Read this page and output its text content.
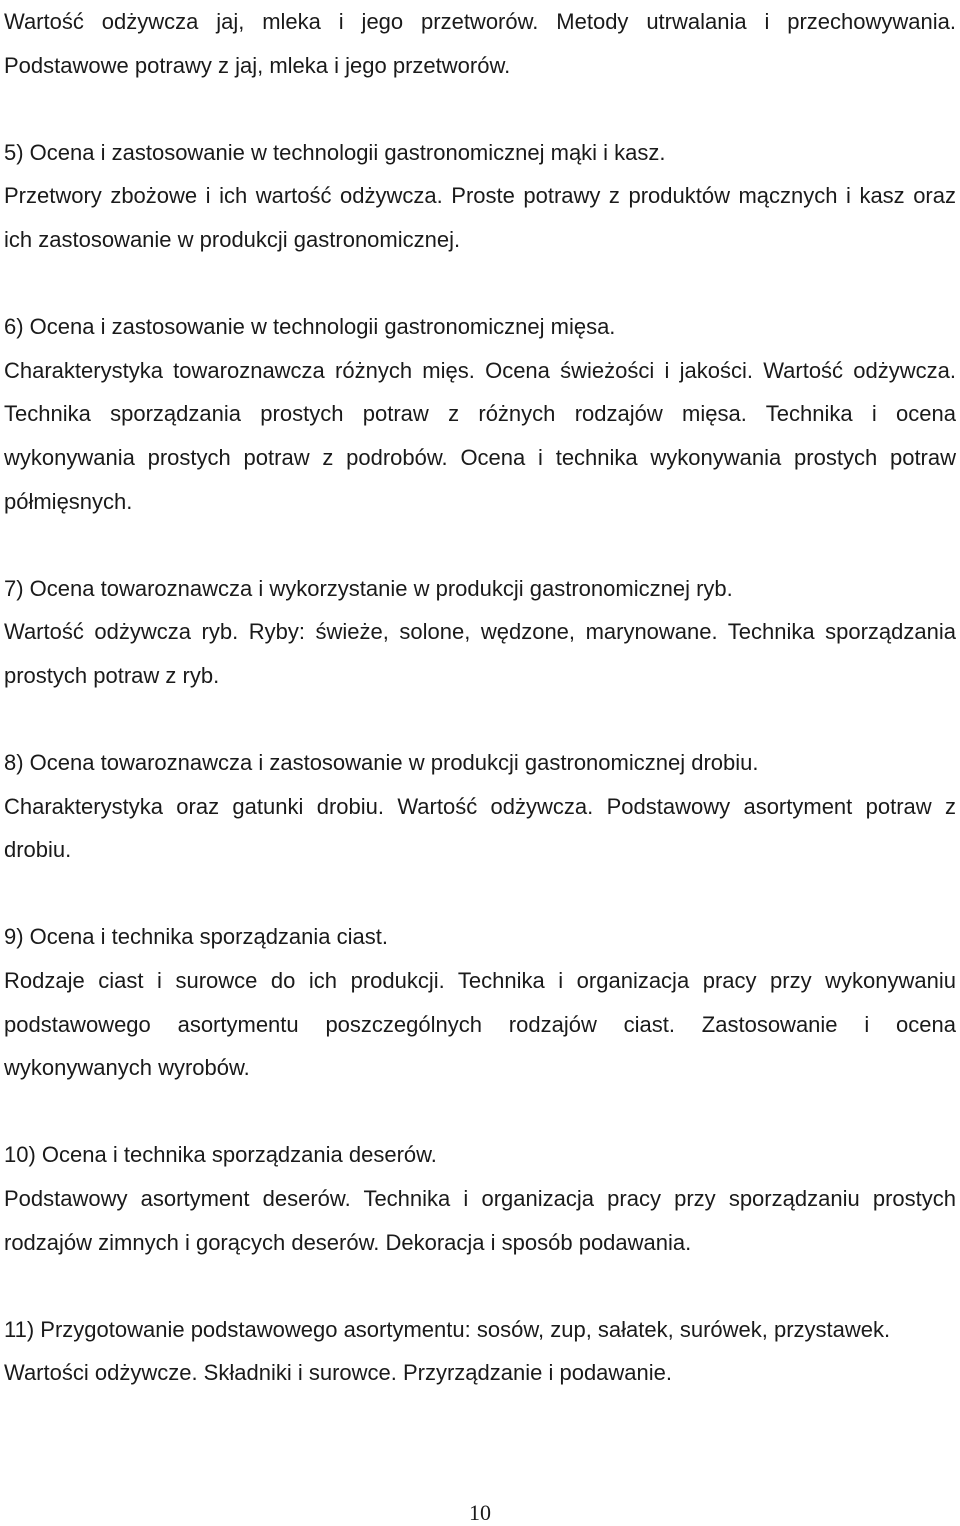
Wartość odżywcza jaj, mleka i jego przetworów. Metody utrwalania i przechowywania. Podstawowe potrawy z jaj, mleka i jego przetworów.

5) Ocena i zastosowanie w technologii gastronomicznej mąki i kasz.

Przetwory zbożowe i ich wartość odżywcza. Proste potrawy z produktów mącznych i kasz oraz ich zastosowanie w produkcji gastronomicznej.

6) Ocena i zastosowanie w technologii gastronomicznej mięsa.

Charakterystyka towaroznawcza różnych mięs. Ocena świeżości i jakości. Wartość odżywcza. Technika sporządzania prostych potraw z różnych rodzajów mięsa. Technika i ocena wykonywania prostych potraw z podrobów. Ocena i technika wykonywania prostych potraw półmięsnych.

7) Ocena towaroznawcza i wykorzystanie w produkcji gastronomicznej ryb.

Wartość odżywcza ryb. Ryby: świeże, solone, wędzone, marynowane. Technika sporządzania prostych potraw z ryb.

8) Ocena towaroznawcza i zastosowanie w produkcji gastronomicznej drobiu.

Charakterystyka oraz gatunki drobiu. Wartość odżywcza. Podstawowy asortyment potraw z drobiu.

9) Ocena i technika sporządzania ciast.

Rodzaje ciast i surowce do ich produkcji. Technika i organizacja pracy przy wykonywaniu podstawowego asortymentu poszczególnych rodzajów ciast. Zastosowanie i ocena wykonywanych wyrobów.

10) Ocena i technika sporządzania deserów.

Podstawowy asortyment deserów. Technika i organizacja pracy przy sporządzaniu prostych rodzajów zimnych i gorących deserów. Dekoracja i sposób podawania.

11) Przygotowanie podstawowego asortymentu: sosów, zup, sałatek, surówek, przystawek.

Wartości odżywcze. Składniki i surowce. Przyrządzanie i podawanie.

10
